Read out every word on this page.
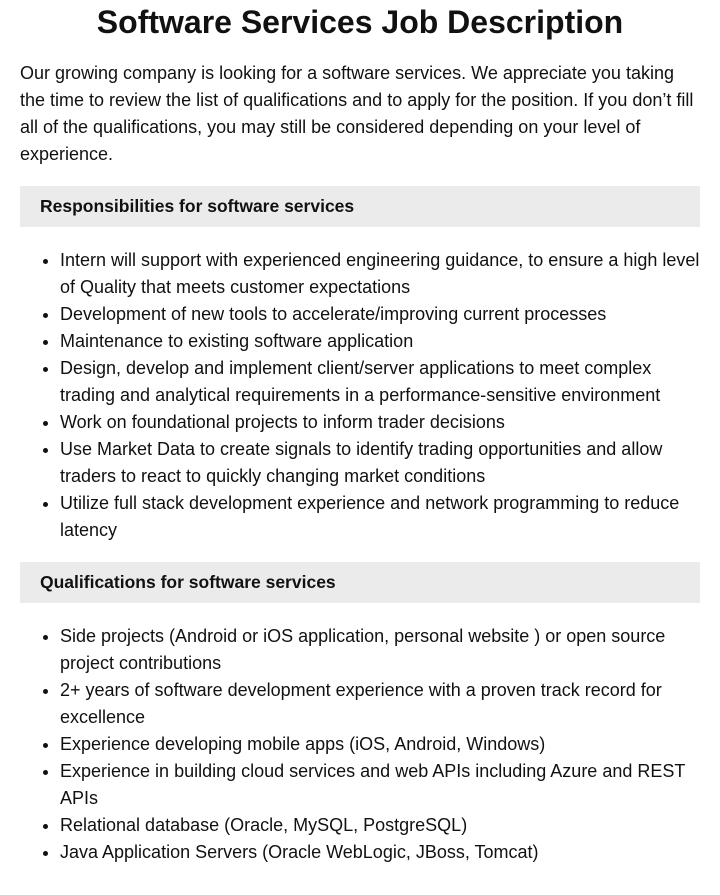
Software Services Job Description

Our growing company is looking for a software services. We appreciate you taking the time to review the list of qualifications and to apply for the position. If you don’t fill all of the qualifications, you may still be considered depending on your level of experience.

Responsibilities for software services
• Intern will support with experienced engineering guidance, to ensure a high level of Quality that meets customer expectations
• Development of new tools to accelerate/improving current processes
• Maintenance to existing software application
• Design, develop and implement client/server applications to meet complex trading and analytical requirements in a performance-sensitive environment
• Work on foundational projects to inform trader decisions
• Use Market Data to create signals to identify trading opportunities and allow traders to react to quickly changing market conditions
• Utilize full stack development experience and network programming to reduce latency
Qualifications for software services
• Side projects (Android or iOS application, personal website ) or open source project contributions
• 2+ years of software development experience with a proven track record for excellence
• Experience developing mobile apps (iOS, Android, Windows)
• Experience in building cloud services and web APIs including Azure and REST APIs
• Relational database (Oracle, MySQL, PostgreSQL)
• Java Application Servers (Oracle WebLogic, JBoss, Tomcat)
